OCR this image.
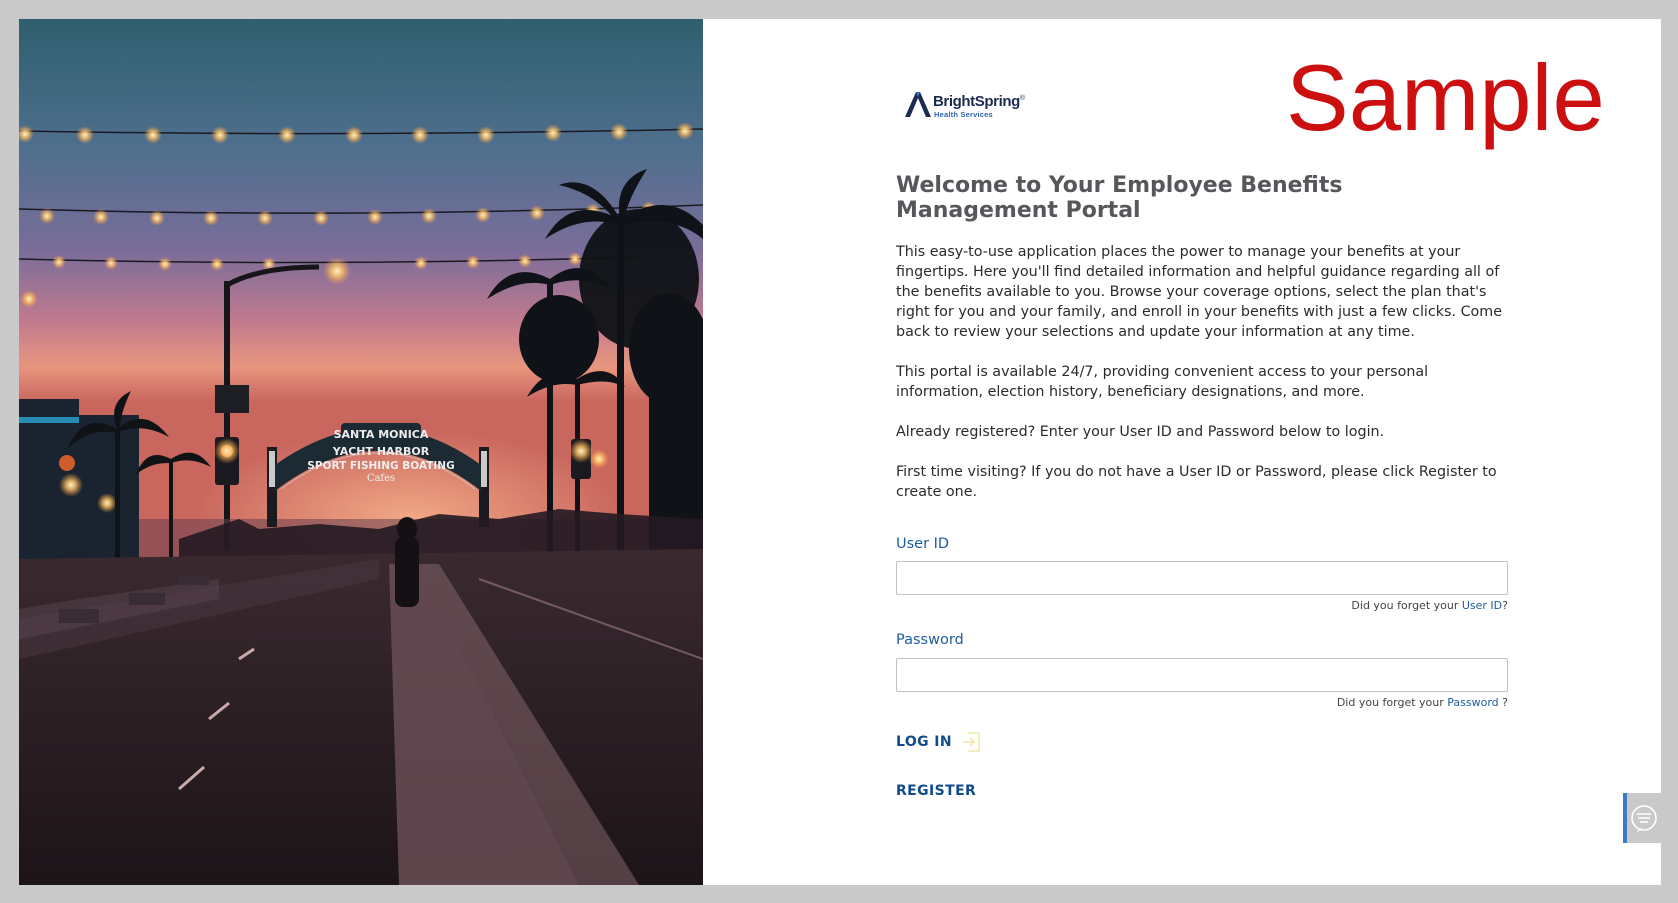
SANTA MONICA
YACHT HARBOR
SPORT FISHING BOATING
Cafes
Sample
BrightSpring®
Health Services
Welcome to Your Employee Benefits Management Portal

This easy-to-use application places the power to manage your benefits at your fingertips. Here you'll find detailed information and helpful guidance regarding all of the benefits available to you. Browse your coverage options, select the plan that's right for you and your family, and enroll in your benefits with just a few clicks. Come back to review your selections and update your information at any time.

This portal is available 24/7, providing convenient access to your personal information, election history, beneficiary designations, and more.

Already registered? Enter your User ID and Password below to login.

First time visiting? If you do not have a User ID or Password, please click Register to create one.

User ID
Did you forget your User ID?
Password
Did you forget your Password ?
LOG IN
REGISTER
